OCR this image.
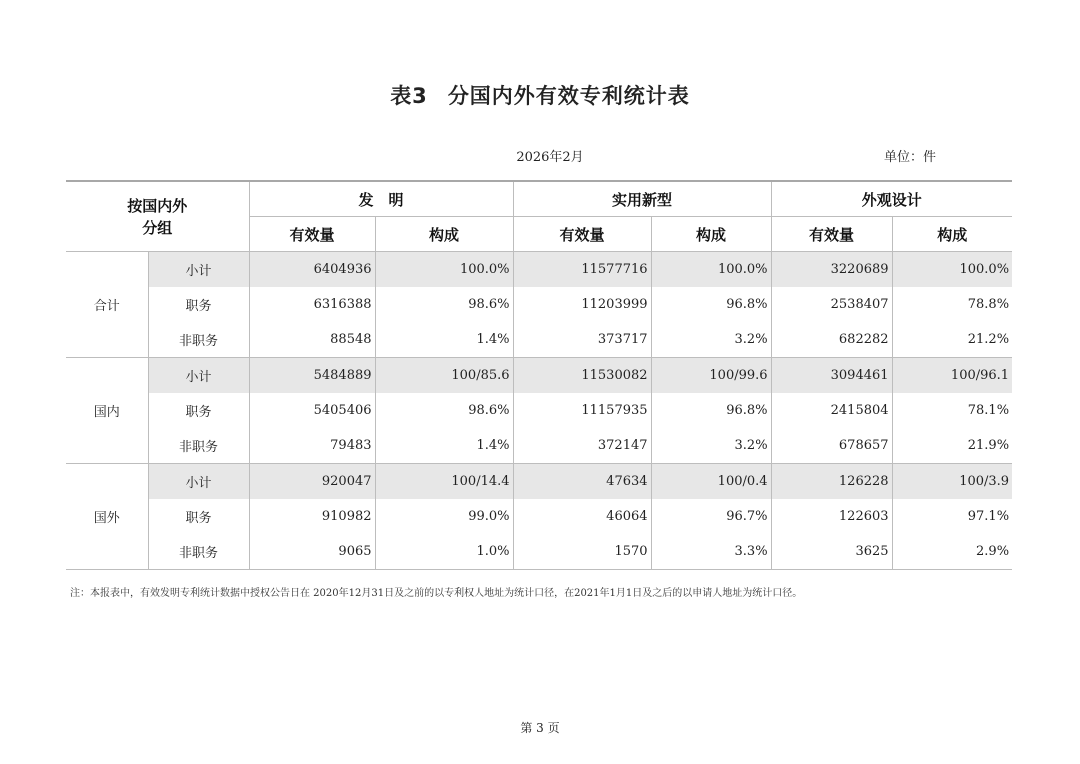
表3 分国内外有效专利统计表
2026年2月	单位：件
按国内外
分组		发　明		实用新型		外观设计	
		有效量	构成	有效量	构成	有效量	构成
合计	小计	6404936	100.0%	11577716	100.0%	3220689	100.0%
	职务	6316388	98.6%	11203999	96.8%	2538407	78.8%
	非职务	88548	1.4%	373717	3.2%	682282	21.2%
国内	小计	5484889	100/85.6	11530082	100/99.6	3094461	100/96.1
	职务	5405406	98.6%	11157935	96.8%	2415804	78.1%
	非职务	79483	1.4%	372147	3.2%	678657	21.9%
国外	小计	920047	100/14.4	47634	100/0.4	126228	100/3.9
	职务	910982	99.0%	46064	96.7%	122603	97.1%
	非职务	9065	1.0%	1570	3.3%	3625	2.9%
注：本报表中，有效发明专利统计数据中授权公告日在 2020年12月31日及之前的以专利权人地址为统计口径，在2021年1月1日及之后的以申请人地址为统计口径。
第 3 页
